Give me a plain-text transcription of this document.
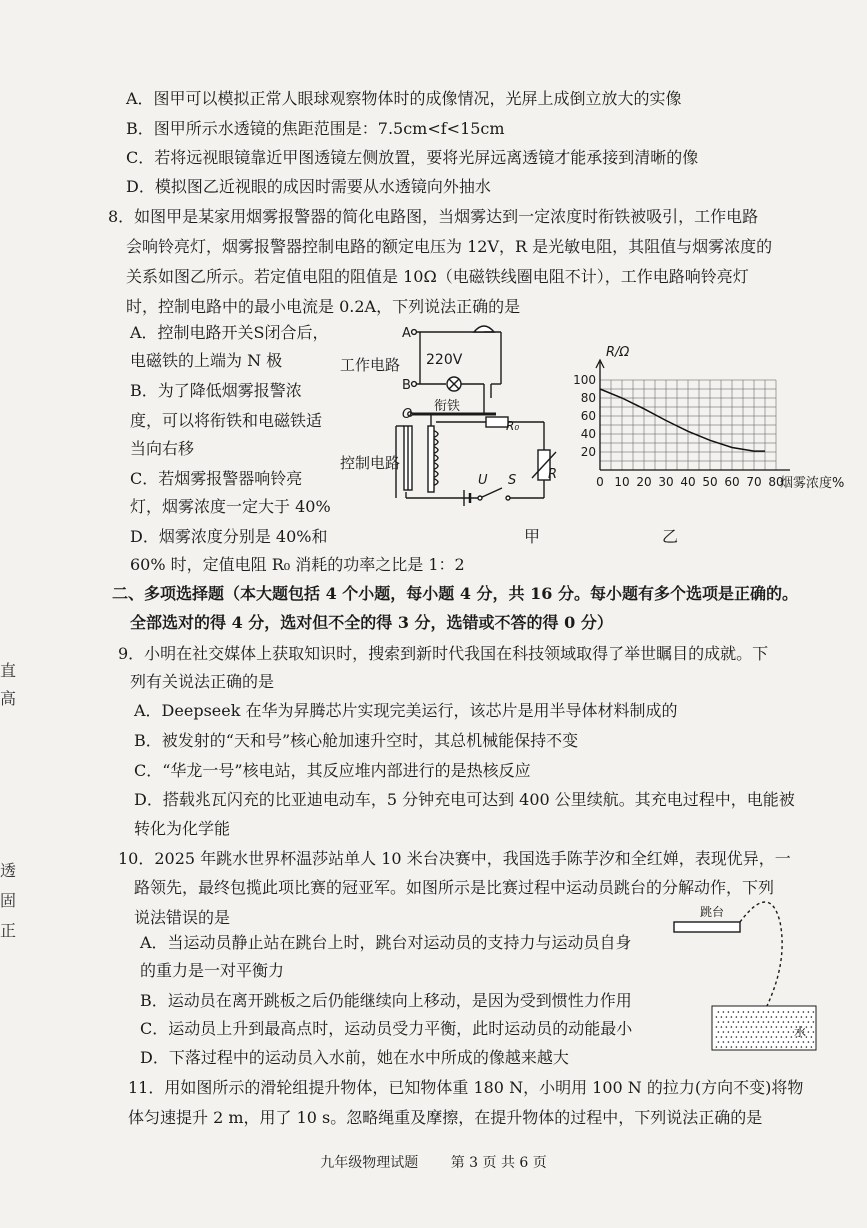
直
高
透
固
正
A．图甲可以模拟正常人眼球观察物体时的成像情况，光屏上成倒立放大的实像
B．图甲所示水透镜的焦距范围是：7.5cm<f<15cm
C．若将远视眼镜靠近甲图透镜左侧放置，要将光屏远离透镜才能承接到清晰的像
D．模拟图乙近视眼的成因时需要从水透镜向外抽水
8．如图甲是某家用烟雾报警器的简化电路图，当烟雾达到一定浓度时衔铁被吸引，工作电路
会响铃亮灯，烟雾报警器控制电路的额定电压为 12V，R 是光敏电阻，其阻值与烟雾浓度的
关系如图乙所示。若定值电阻的阻值是 10Ω（电磁铁线圈电阻不计），工作电路响铃亮灯
时，控制电路中的最小电流是 0.2A，下列说法正确的是
A．控制电路开关S闭合后，
电磁铁的上端为 N 极
B．为了降低烟雾报警浓
度，可以将衔铁和电磁铁适
当向右移
C．若烟雾报警器响铃亮
灯，烟雾浓度一定大于 40%
D．烟雾浓度分别是 40%和
60% 时，定值电阻 R₀ 消耗的功率之比是 1：2
A
B
220V
O
衔铁
R₀
R
U S
工作电路
控制电路
甲	乙
0 10 20 30 40 50 60 70 80
20
40
60
80
100
R/Ω
烟雾浓度%
二、多项选择题（本大题包括 4 个小题，每小题 4 分，共 16 分。每小题有多个选项是正确的。
全部选对的得 4 分，选对但不全的得 3 分，选错或不答的得 0 分）
9．小明在社交媒体上获取知识时，搜索到新时代我国在科技领域取得了举世瞩目的成就。下
列有关说法正确的是
A．Deepseek 在华为昇腾芯片实现完美运行，该芯片是用半导体材料制成的
B．被发射的“天和号”核心舱加速升空时，其总机械能保持不变
C．“华龙一号”核电站，其反应堆内部进行的是热核反应
D．搭载兆瓦闪充的比亚迪电动车，5 分钟充电可达到 400 公里续航。其充电过程中，电能被
转化为化学能
10．2025 年跳水世界杯温莎站单人 10 米台决赛中，我国选手陈芋汐和全红婵，表现优异，一
路领先，最终包揽此项比赛的冠亚军。如图所示是比赛过程中运动员跳台的分解动作，下列
说法错误的是
A．当运动员静止站在跳台上时，跳台对运动员的支持力与运动员自身
的重力是一对平衡力
B．运动员在离开跳板之后仍能继续向上移动，是因为受到惯性力作用
C．运动员上升到最高点时，运动员受力平衡，此时运动员的动能最小
D．下落过程中的运动员入水前，她在水中所成的像越来越大
跳台
水
11．用如图所示的滑轮组提升物体，已知物体重 180 N，小明用 100 N 的拉力(方向不变)将物
体匀速提升 2 m，用了 10 s。忽略绳重及摩擦，在提升物体的过程中，下列说法正确的是
九年级物理试题 第 3 页 共 6 页
